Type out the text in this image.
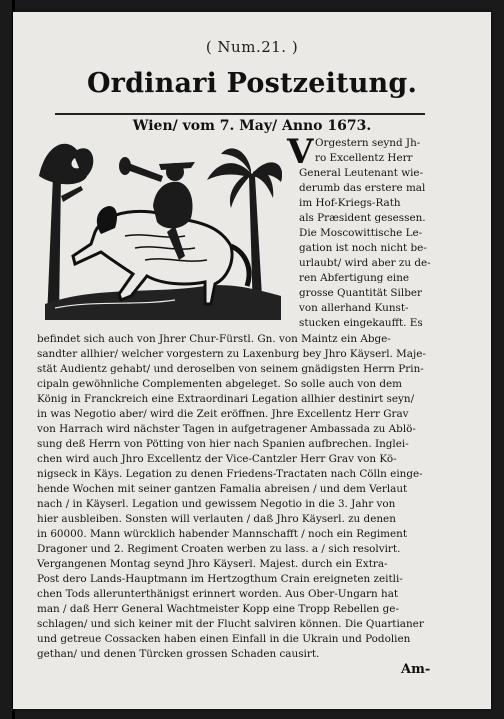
( Num.21. )
Ordinari Postzeitung.
Wien/ vom 7. May/ Anno 1673.
V Orgestern seynd Jh-
ro Excellentz Herr
General Leutenant wie-
derumb das erstere mal
im Hof-Kriegs-Rath
als Præsident gesessen.
Die Moscowittische Le-
gation ist noch nicht be-
urlaubt/ wird aber zu de-
ren Abfertigung eine
grosse Quantität Silber
von allerhand Kunst-
stucken eingekaufft. Es
befindet sich auch von Jhrer Chur-Fürstl. Gn. von Maintz ein Abge-
sandter allhier/ welcher vorgestern zu Laxenburg bey Jhro Käyserl. Maje-
stät Audientz gehabt/ und deroselben von seinem gnädigsten Herrn Prin-
cipaln gewöhnliche Complementen abgeleget. So solle auch von dem
König in Franckreich eine Extraordinari Legation allhier destinirt seyn/
in was Negotio aber/ wird die Zeit eröffnen. Jhre Excellentz Herr Grav
von Harrach wird nächster Tagen in aufgetragener Ambassada zu Ablö-
sung deß Herrn von Pötting von hier nach Spanien aufbrechen. Inglei-
chen wird auch Jhro Excellentz der Vice-Cantzler Herr Grav von Kö-
nigseck in Käys. Legation zu denen Friedens-Tractaten nach Cölln einge-
hende Wochen mit seiner gantzen Famalia abreisen / und dem Verlaut
nach / in Käyserl. Legation und gewissem Negotio in die 3. Jahr von
hier ausbleiben. Sonsten will verlauten / daß Jhro Käyserl. zu denen
in 60000. Mann würcklich habender Mannschafft / noch ein Regiment
Dragoner und 2. Regiment Croaten werben zu lass. a / sich resolvirt.
Vergangenen Montag seynd Jhro Käyserl. Majest. durch ein Extra-
Post dero Lands-Hauptmann im Hertzogthum Crain ereigneten zeitli-
chen Tods allerunterthänigst erinnert worden. Aus Ober-Ungarn hat
man / daß Herr General Wachtmeister Kopp eine Tropp Rebellen ge-
schlagen/ und sich keiner mit der Flucht salviren können. Die Quartianer
und getreue Cossacken haben einen Einfall in die Ukrain und Podolien
gethan/ und denen Türcken grossen Schaden causirt.
Am-
